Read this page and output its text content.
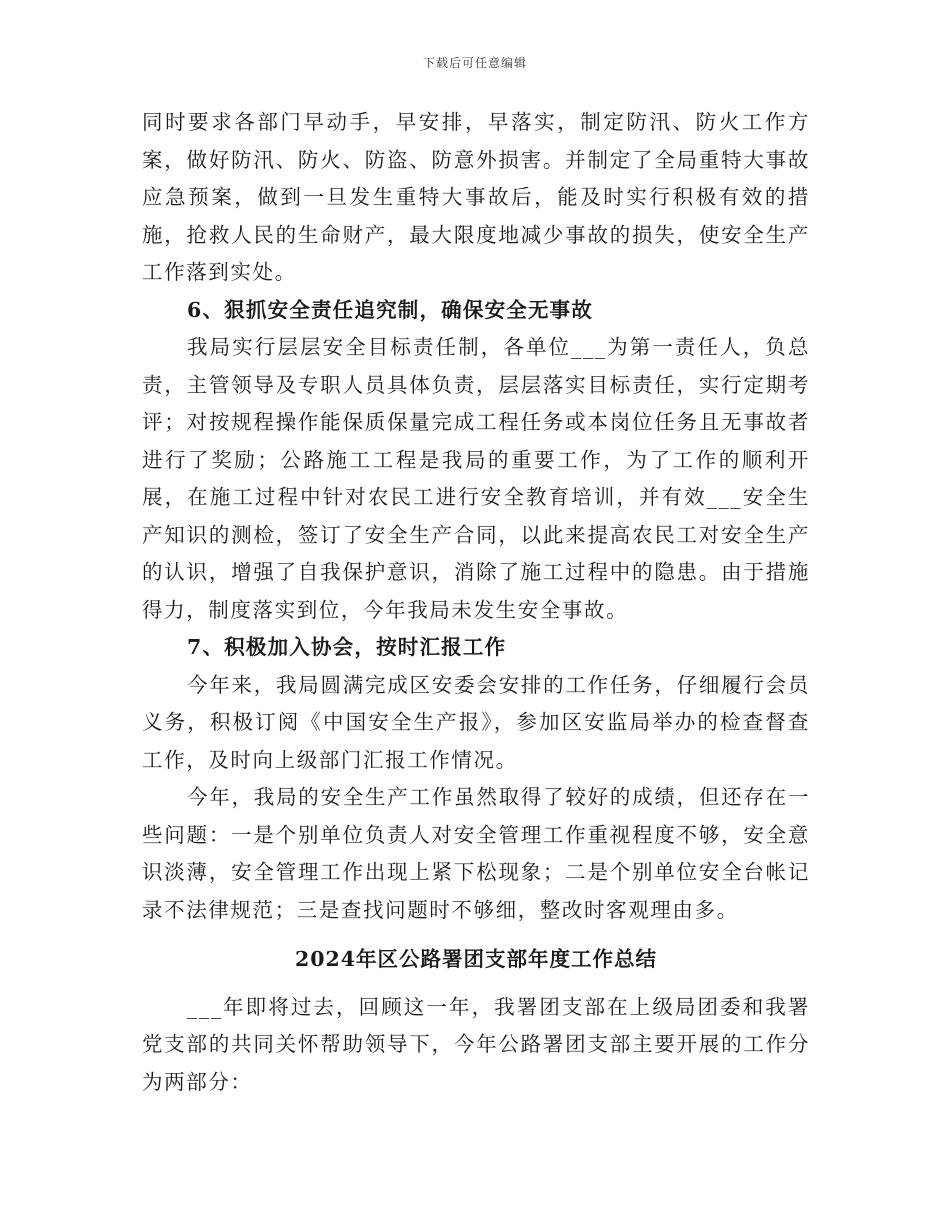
下载后可任意编辑

同时要求各部门早动手，早安排，早落实，制定防汛、防火工作方案，做好防汛、防火、防盗、防意外损害。并制定了全局重特大事故应急预案，做到一旦发生重特大事故后，能及时实行积极有效的措施，抢救人民的生命财产，最大限度地减少事故的损失，使安全生产工作落到实处。

6、狠抓安全责任追究制，确保安全无事故

我局实行层层安全目标责任制，各单位___为第一责任人，负总责，主管领导及专职人员具体负责，层层落实目标责任，实行定期考评；对按规程操作能保质保量完成工程任务或本岗位任务且无事故者进行了奖励；公路施工工程是我局的重要工作，为了工作的顺利开展，在施工过程中针对农民工进行安全教育培训，并有效___安全生产知识的测检，签订了安全生产合同，以此来提高农民工对安全生产的认识，增强了自我保护意识，消除了施工过程中的隐患。由于措施得力，制度落实到位，今年我局未发生安全事故。

7、积极加入协会，按时汇报工作

今年来，我局圆满完成区安委会安排的工作任务，仔细履行会员义务，积极订阅《中国安全生产报》，参加区安监局举办的检查督查工作，及时向上级部门汇报工作情况。

今年，我局的安全生产工作虽然取得了较好的成绩，但还存在一些问题：一是个别单位负责人对安全管理工作重视程度不够，安全意识淡薄，安全管理工作出现上紧下松现象；二是个别单位安全台帐记录不法律规范；三是查找问题时不够细，整改时客观理由多。

2024年区公路署团支部年度工作总结

___年即将过去，回顾这一年，我署团支部在上级局团委和我署党支部的共同关怀帮助领导下，今年公路署团支部主要开展的工作分为两部分：
